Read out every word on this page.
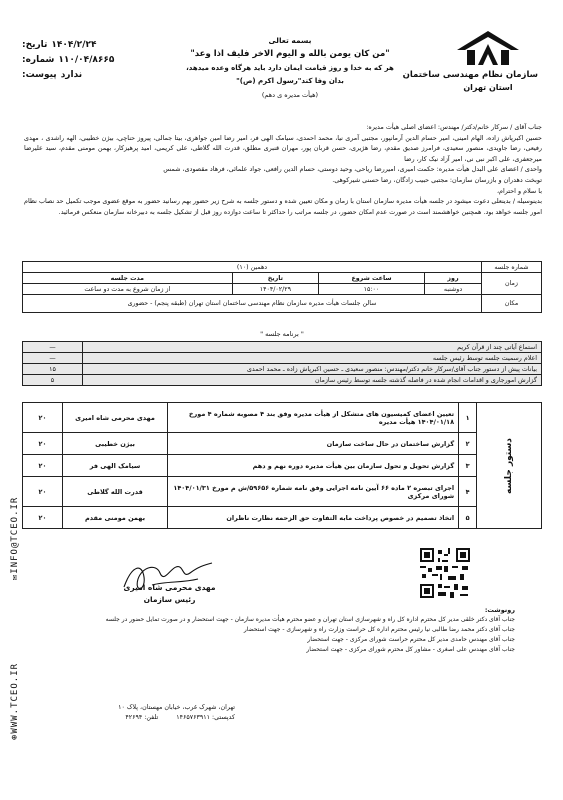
۱۴۰۴/۲/۲۴
تاریخ:
۱۱۰/۰۴/۸۶۶۵
شماره:
ندارد
پیوست:
بسمه تعالی
"من کان یومن بالله و الیوم الاخر فلیف اذا وعد"
هر که به خدا و روز قیامت ایمان دارد باید هرگاه وعده میدهد،
بدان وفا کند"رسول اکرم (ص)"
(هیأت مدیره ی دهم)
سازمان نظام مهندسی ساختمان
استان تهران

جناب آقای / سرکار خانم/دکتر/ مهندس: اعضای اصلی هیأت مدیره:

حسین اکبرپاش زاده، الهام امینی، امیر حسام الدین آرمانپور، مجتبی آمری نیا، محمد احمدی، سیامک الهی فر، امیر رضا امین جواهری، بیتا جمالی، پیروز حناچی، بیژن خطیبی، الهه راشدی ، مهدی رفیعی، رضا جاویدی، منصور سعیدی، فرامرز صدیق مقدم، رضا هژیری، حسن قربان پور، مهران قنبری مطلق، قدرت الله گلاطی، علی کریمی، امید پرهیزکار، بهمن مومنی مقدم، سید علیرضا میرجعفری، علی اکبر نبی نی، امیر آزاد نیک کار، رضا

واحدی / اعضای علی البدل هیأت مدیره: حکمت امیری، امیررضا ریاحی، وحید دوستی، حسام الدین رافعی، جواد علمائی، فرهاد مقصودی، شمس

توبخت دهدران و بازرسان سازمان: مجتبی حبیب زادگان، رضا حسنی شیرکوهی.

با سلام و احترام،

بدینوسیله / بدینعلی دعوت میشود در جلسه هیأت مدیره سازمان استان با زمان و مکان تعیین شده و دستور جلسه به شرح زیر حضور بهم رسانید حضور به موقع عضوی موجب تکمیل حد نصاب نظام امور جلسه خواهد بود. همچنین خواهشمند است در صورت عدم امکان حضور، در جلسه مراتب را حداکثر تا ساعت دوازده روز قبل از تشکیل جلسه به دبیرخانه سازمان منعکس فرمائید.

شماره جلسه	دهمین (۱۰)			
زمان	روز	ساعت شروع	تاریخ	مدت جلسه
	دوشنبه	۱۵:۰۰	۱۴۰۴/۰۲/۲۹	از زمان شروع به مدت دو ساعت
مکان	سالن جلسات هیأت مدیره سازمان نظام مهندسی ساختمان استان تهران (طبقه پنجم) - حضوری			
" برنامه جلسه "
استماع آیاتی چند از قرآن کریم	—
اعلام رسمیت جلسه توسط رئیس جلسه	—
بیانات پیش از دستور جناب آقای/سرکار خانم دکتر/مهندس: منصور سعیدی ـ حسین اکبرپاش زاده ـ محمد احمدی	۱۵
گزارش امورجاری و اقدامات انجام شده در فاصله گذشته جلسه توسط رئیس سازمان	۵
دستور جلسه	۱	تعیین اعضای کمیسیون های متشکل از هیأت مدیره وفق بند ۴ مصوبه شماره ۴ مورخ ۱۴۰۴/۰۱/۱۸ هیأت مدیره	مهدی محرمی شاه امیری	۲۰
	۲	گزارش ساختمان در حال ساخت سازمان	بیژن خطیبی	۲۰
	۳	گزارش تحویل و تحول سازمان بین هیأت مدیره دوره نهم و دهم	سیامک الهی فر	۲۰
	۴	اجرای تبصره ۲ ماده ۶۶ آیین نامه اجرایی وفق نامه شماره ۵۹۶۵۶/ش م مورخ ۱۴۰۴/۰۱/۳۱ شورای مرکزی	قدرت الله گلاطی	۲۰
	۵	اتخاذ تصمیم در خصوص پرداخت مابه التفاوت حق الزحمه نظارت ناظران	بهمن مومنی مقدم	۲۰
مهدی محرمی شاه امیری
رئیس سازمان
رونوشت:
جناب آقای دکتر خلقی مدیر کل محترم اداره کل راه و شهرسازی استان تهران و عضو محترم هیأت مدیره سازمان - جهت استحضار و در صورت تمایل حضور در جلسه
جناب آقای دکتر محمد رضا طالبی نیا رئیس محترم اداره کل حراست وزارت راه و شهرسازی - جهت استحضار
جناب آقای مهندس حامدی مدیر کل محترم حراست شورای مرکزی - جهت استحضار
جناب آقای مهندس علی اصغری - مشاور کل محترم شورای مرکزی - جهت استحضار
تهران، شهرک غرب، خیابان مهستان، پلاک ۱۰
کدپستی: ۱۴۶۵۷۶۳۹۱۱
تلفن: ۴۲۶۹۴
⊕WWW.TCEO.IR  ✉INFO@TCEO.IR
